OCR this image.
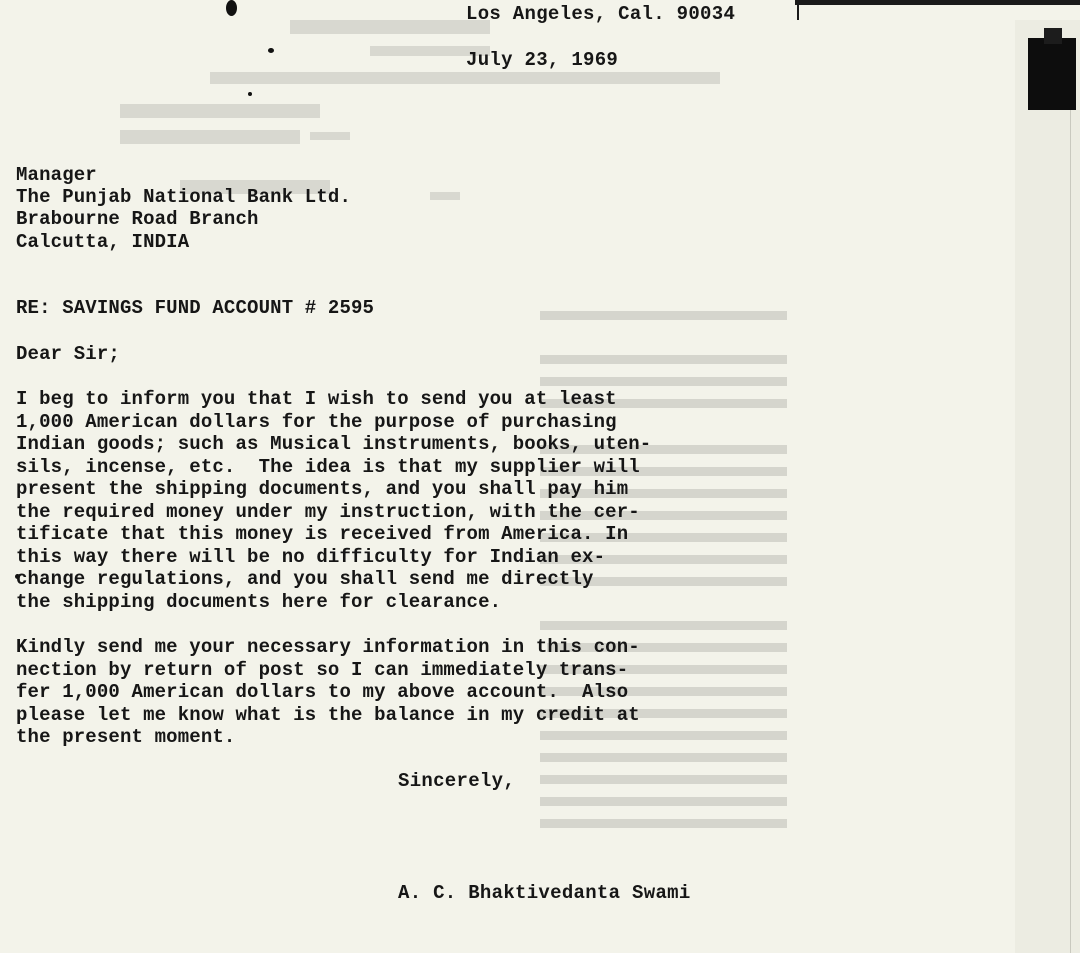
Los Angeles, Cal. 90034
July 23, 1969
Manager
The Punjab National Bank Ltd.
Brabourne Road Branch
Calcutta, INDIA
RE: SAVINGS FUND ACCOUNT # 2595
Dear Sir;
I beg to inform you that I wish to send you at least
1,000 American dollars for the purpose of purchasing
Indian goods; such as Musical instruments, books, uten-
sils, incense, etc.  The idea is that my supplier will
present the shipping documents, and you shall pay him
the required money under my instruction, with the cer-
tificate that this money is received from America. In
this way there will be no difficulty for Indian ex-
change regulations, and you shall send me directly
the shipping documents here for clearance.
Kindly send me your necessary information in this con-
nection by return of post so I can immediately trans-
fer 1,000 American dollars to my above account.  Also
please let me know what is the balance in my credit at
the present moment.
Sincerely,
A. C. Bhaktivedanta Swami
